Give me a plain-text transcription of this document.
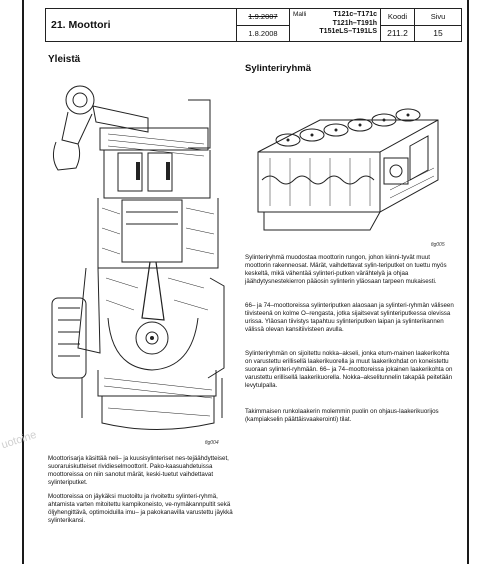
21. Moottori
1.9.2007
1.8.2008
Malli	T121c–T171c
T121h–T191h
T151eLS–T191LS
Koodi
211.2
Sivu
15
Yleistä
Sylinteriryhmä
fig004
fig005

Sylinteriryhmä muodostaa moottorin rungon, johon kiinni-tyvät muut moottorin rakenneosat. Märät, vaihdettavat sylin-teriputket on tuettu myös keskeltä, mikä vähentää sylinteri-putken värähtelyä ja ohjaa jäähdytysnestekierron pääosin sylinterin yläosaan tarpeen mukaisesti.

66– ja 74–moottoreissa sylinteriputken alaosaan ja sylinteri-ryhmän väliseen tiivisteenä on kolme O–rengasta, jotka sijaitsevat sylinteriputkessa olevissa urissa. Yläosan tiivistys tapahtuu sylinteriputken laipan ja sylinterikannen välissä olevan kansitiivisteen avulla.

Sylinteriryhmän on sijoitettu nokka–akseli, jonka etum-mainen laakerikohta on varustettu erillisellä laakerikuorella ja muut laakerikohdat on koneistettu suoraan sylinteri-ryhmään. 66– ja 74–moottoreissa jokainen laakerikohta on varustettu erillisellä laakerikuorella. Nokka–akselitunnelin takapää peitetään levytulpalla.

Takimmaisen runkolaakerin molemmin puolin on ohjaus-laakerikuorijos (kampiakselin päättäisvaakerointi) tilat.

Moottorisarja käsittää neli– ja kuusisylinteriset nes-tejäähdytteiset, suoraruiskutteiset rividieselmoottorit. Pako-kaasuahdetuissa moottoreissa on niin sanotut märät, keski-tuetut vaihdettavat sylinteriputket.

Moottoreissa on jäykäksi muotoiltu ja rivoitettu sylinteri-ryhmä, ahtamista varten mitoitettu kampikoneisto, ve-nymäkannpultit sekä öljyhengittävä, optimoiduilla imu– ja pakokanavilla varustettu jäykkä sylinterikansi.

uotoine
